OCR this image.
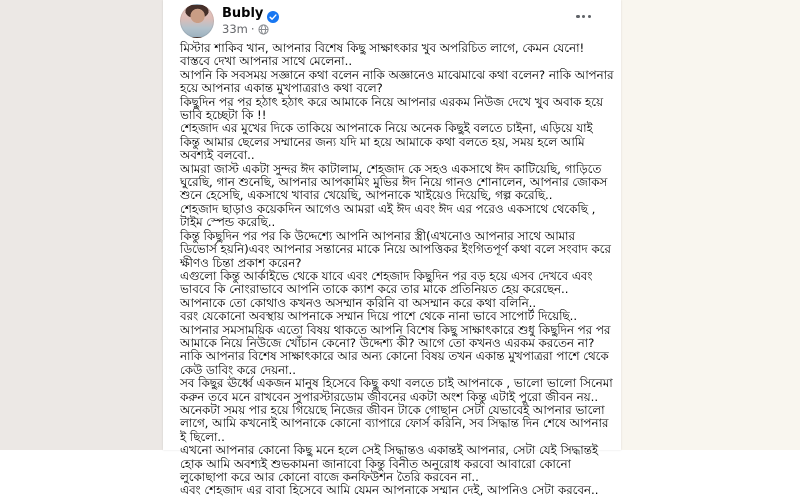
Bubly
33m ·

মিস্টার শাকিব খান, আপনার বিশেষ কিছু সাক্ষাৎকার খুব অপরিচিত লাগে, কেমন যেনো! বাস্তবে দেখা আপনার সাথে মেলেনা..

আপনি কি সবসময় সজ্ঞানে কথা বলেন নাকি অজ্ঞানেও মাঝেমাঝে কথা বলেন? নাকি আপনার হয়ে আপনার একান্ত মুখপাত্ররাও কথা বলে?

কিছুদিন পর পর হঠাৎ হঠাৎ করে আমাকে নিয়ে আপনার এরকম নিউজ দেখে খুব অবাক হয়ে ভাবি হচ্ছেটা কি !!

শেহজাদ এর মুখের দিকে তাকিয়ে আপনাকে নিয়ে অনেক কিছুই বলতে চাইনা, এড়িয়ে যাই কিন্তু আমার ছেলের সম্মানের জন্য যদি মা হয়ে আমাকে কথা বলতে হয়, সময় হলে আমি অবশ্যই বলবো..

আমরা জাস্ট একটা সুন্দর ঈদ কাটালাম, শেহজাদ কে সহও একসাথে ঈদ কাটিয়েছি, গাড়িতে ঘুরেছি, গান শুনেছি, আপনার আপকামিং মুভির ঈদ নিয়ে গানও শোনালেন, আপনার জোকস শুনে হেসেছি, একসাথে খাবার খেয়েছি, আপনাকে খাইয়েও দিয়েছি, গল্প করেছি..

শেহজাদ ছাড়াও কয়েকদিন আগেও আমরা এই ঈদ এবং ঈদ এর পরেও একসাথে থেকেছি , টাইম স্পেন্ড করেছি..

কিন্তু কিছুদিন পর পর কি উদ্দেশ্যে আপনি আপনার স্ত্রী(এখনোও আপনার সাথে আমার ডিভোর্স হয়নি)এবং আপনার সন্তানের মাকে নিয়ে আপত্তিকর ইংগিতপূর্ণ কথা বলে সংবাদ করে ক্ষীণও চিন্তা প্রকাশ করেন?

এগুলো কিন্তু আর্কাইভে থেকে যাবে এবং শেহজাদ কিছুদিন পর বড় হয়ে এসব দেখবে এবং ভাববে কি নোংরাভাবে আপনি তাকে ক্যাশ করে তার মাকে প্রতিনিয়ত হেয় করেছেন..

আপনাকে তো কোথাও কখনও অসম্মান করিনি বা অসম্মান করে কথা বলিনি..

বরং যেকোনো অবস্থায় আপনাকে সম্মান দিয়ে পাশে থেকে নানা ভাবে সাপোর্ট দিয়েছি..

আপনার সমসাময়িক এতো বিষয় থাকতে আপনি বিশেষ কিছু সাক্ষাৎকারে শুধু কিছুদিন পর পর আমাকে নিয়ে নিউজে খোঁচান কেনো? উদ্দেশ্য কী? আগে তো কখনও এরকম করতেন না? নাকি আপনার বিশেষ সাক্ষাৎকারে আর অন্য কোনো বিষয় তখন একান্ত মুখপাত্ররা পাশে থেকে কেউ ডাবিং করে দেয়না..

সব কিছুর ঊর্ধ্বে একজন মানুষ হিসেবে কিছু কথা বলতে চাই আপনাকে , ভালো ভালো সিনেমা করুন তবে মনে রাখবেন সুপারস্টারডোম জীবনের একটা অংশ কিন্তু এটাই পুরো জীবন নয়..

অনেকটা সময় পার হয়ে গিয়েছে নিজের জীবন টাকে গোছান সেটা যেভাবেই আপনার ভালো লাগে, আমি কখনোই আপনাকে কোনো ব্যাপারে ফোর্স করিনি, সব সিদ্ধান্ত দিন শেষে আপনার ই ছিলো..

এখনো আপনার কোনো কিছু মনে হলে সেই সিদ্ধান্তও একান্তই আপনার, সেটা যেই সিদ্ধান্তই হোক আমি অবশ্যই শুভকামনা জানাবো কিন্তু বিনীত অনুরোধ করবো আবারো কোনো লুকোছাপা করে আর কোনো বাজে কনফিউশন তৈরি করবেন না..

এবং শেহজাদ এর বাবা হিসেবে আমি যেমন আপনাকে সম্মান দেই, আপনিও সেটা করবেন..
